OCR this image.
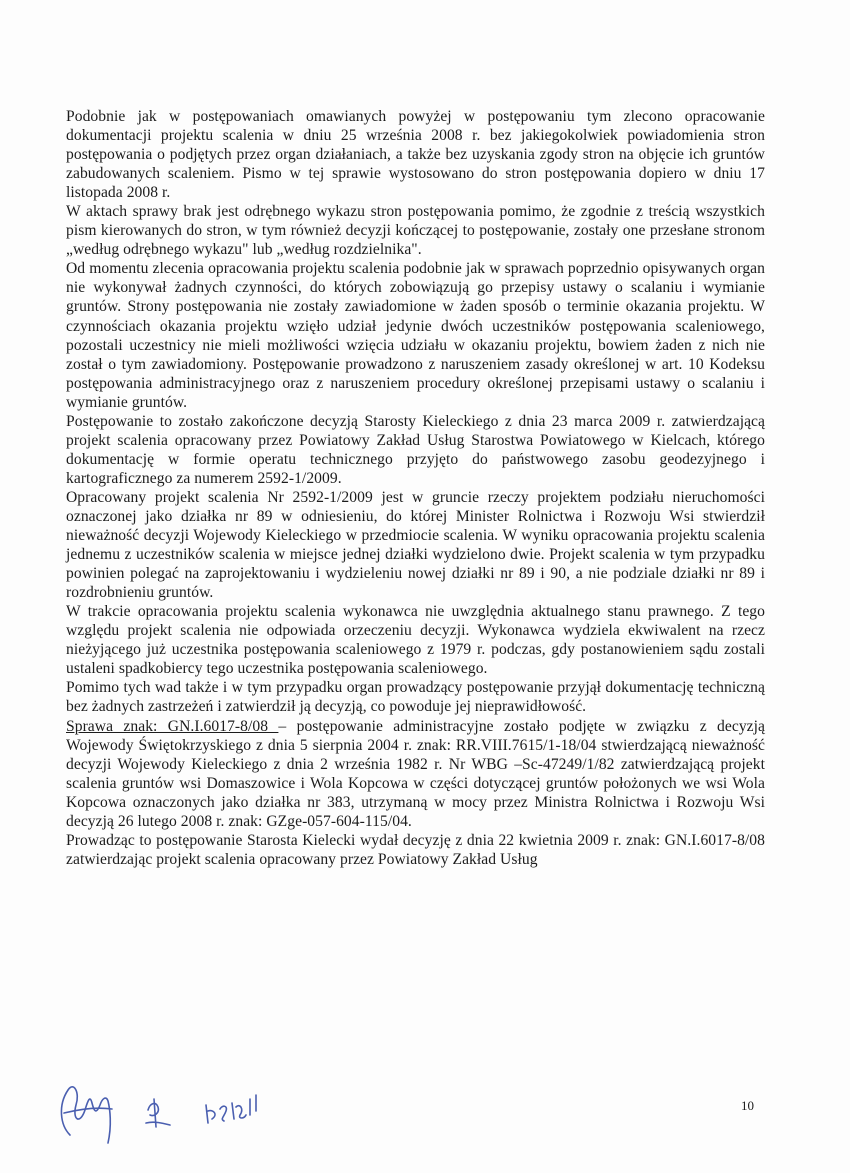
Podobnie jak w postępowaniach omawianych powyżej w postępowaniu tym zlecono opracowanie dokumentacji projektu scalenia w dniu 25 września 2008 r. bez jakiegokolwiek powiadomienia stron postępowania o podjętych przez organ działaniach, a także bez uzyskania zgody stron na objęcie ich gruntów zabudowanych scaleniem. Pismo w tej sprawie wystosowano do stron postępowania dopiero w dniu 17 listopada 2008 r.

W aktach sprawy brak jest odrębnego wykazu stron postępowania pomimo, że zgodnie z treścią wszystkich pism kierowanych do stron, w tym również decyzji kończącej to postępowanie, zostały one przesłane stronom „według odrębnego wykazu" lub „według rozdzielnika".

Od momentu zlecenia opracowania projektu scalenia podobnie jak w sprawach poprzednio opisywanych organ nie wykonywał żadnych czynności, do których zobowiązują go przepisy ustawy o scalaniu i wymianie gruntów. Strony postępowania nie zostały zawiadomione w żaden sposób o terminie okazania projektu. W czynnościach okazania projektu wzięło udział jedynie dwóch uczestników postępowania scaleniowego, pozostali uczestnicy nie mieli możliwości wzięcia udziału w okazaniu projektu, bowiem żaden z nich nie został o tym zawiadomiony. Postępowanie prowadzono z naruszeniem zasady określonej w art. 10 Kodeksu postępowania administracyjnego oraz z naruszeniem procedury określonej przepisami ustawy o scalaniu i wymianie gruntów.

Postępowanie to zostało zakończone decyzją Starosty Kieleckiego z dnia 23 marca 2009 r. zatwierdzającą projekt scalenia opracowany przez Powiatowy Zakład Usług Starostwa Powiatowego w Kielcach, którego dokumentację w formie operatu technicznego przyjęto do państwowego zasobu geodezyjnego i kartograficznego za numerem 2592-1/2009.

Opracowany projekt scalenia Nr 2592-1/2009 jest w gruncie rzeczy projektem podziału nieruchomości oznaczonej jako działka nr 89 w odniesieniu, do której Minister Rolnictwa i Rozwoju Wsi stwierdził nieważność decyzji Wojewody Kieleckiego w przedmiocie scalenia. W wyniku opracowania projektu scalenia jednemu z uczestników scalenia w miejsce jednej działki wydzielono dwie. Projekt scalenia w tym przypadku powinien polegać na zaprojektowaniu i wydzieleniu nowej działki nr 89 i 90, a nie podziale działki nr 89 i rozdrobnieniu gruntów.

W trakcie opracowania projektu scalenia wykonawca nie uwzględnia aktualnego stanu prawnego. Z tego względu projekt scalenia nie odpowiada orzeczeniu decyzji. Wykonawca wydziela ekwiwalent na rzecz nieżyjącego już uczestnika postępowania scaleniowego z 1979 r. podczas, gdy postanowieniem sądu zostali ustaleni spadkobiercy tego uczestnika postępowania scaleniowego.

Pomimo tych wad także i w tym przypadku organ prowadzący postępowanie przyjął dokumentację techniczną bez żadnych zastrzeżeń i zatwierdził ją decyzją, co powoduje jej nieprawidłowość.

Sprawa znak: GN.I.6017-8/08 – postępowanie administracyjne zostało podjęte w związku z decyzją Wojewody Świętokrzyskiego z dnia 5 sierpnia 2004 r. znak: RR.VIII.7615/1-18/04 stwierdzającą nieważność decyzji Wojewody Kieleckiego z dnia 2 września 1982 r. Nr WBG –Sc-47249/1/82 zatwierdzającą projekt scalenia gruntów wsi Domaszowice i Wola Kopcowa w części dotyczącej gruntów położonych we wsi Wola Kopcowa oznaczonych jako działka nr 383, utrzymaną w mocy przez Ministra Rolnictwa i Rozwoju Wsi decyzją 26 lutego 2008 r. znak: GZge-057-604-115/04.

Prowadząc to postępowanie Starosta Kielecki wydał decyzję z dnia 22 kwietnia 2009 r. znak: GN.I.6017-8/08 zatwierdzając projekt scalenia opracowany przez Powiatowy Zakład Usług

10
